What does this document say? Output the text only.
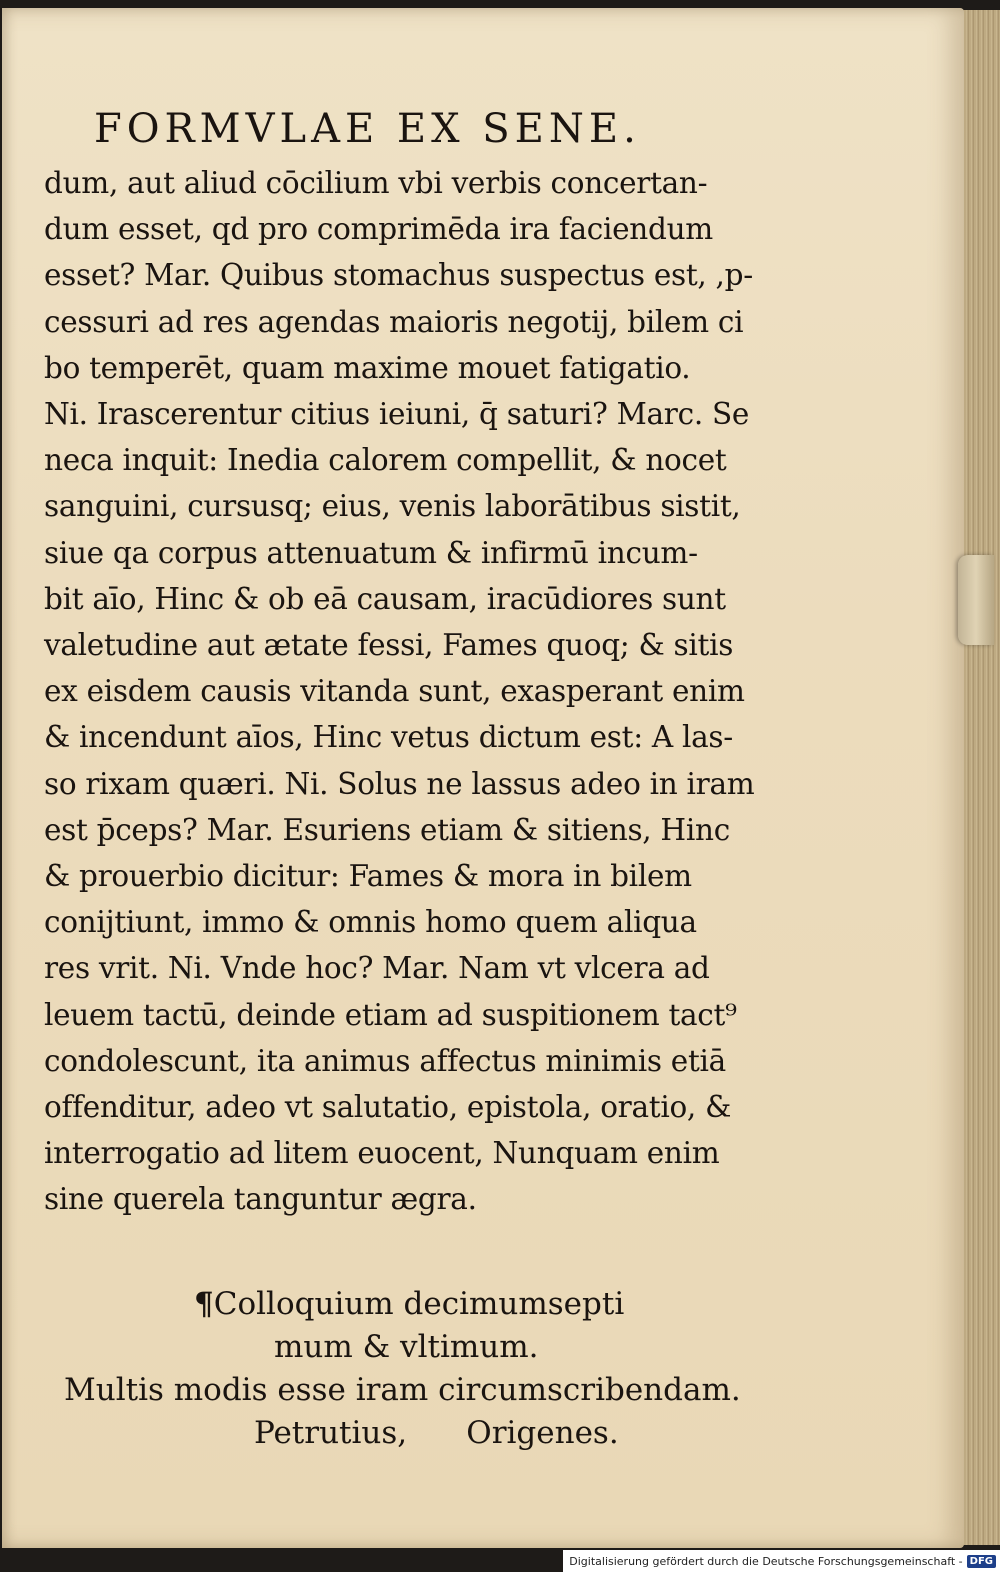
FORMVLAE EX SENE.
dum, aut aliud cōcilium vbi verbis concertan-
dum esset, qd pro comprimēda ira faciendum
esset? Mar. Quibus stomachus suspectus est, ,p-
cessuri ad res agendas maioris negotij, bilem ci
bo temperēt, quam maxime mouet fatigatio.
Ni. Irascerentur citius ieiuni, q̄ saturi? Marc. Se
neca inquit: Inedia calorem compellit, & nocet
sanguini, cursusq; eius, venis laborātibus sistit,
siue qa corpus attenuatum & infirmū incum-
bit aīo, Hinc & ob eā causam, iracūdiores sunt
valetudine aut ætate fessi, Fames quoq; & sitis
ex eisdem causis vitanda sunt, exasperant enim
& incendunt aīos, Hinc vetus dictum est: A las-
so rixam quæri. Ni. Solus ne lassus adeo in iram
est p̄ceps? Mar. Esuriens etiam & sitiens, Hinc
& prouerbio dicitur: Fames & mora in bilem
conijtiunt, immo & omnis homo quem aliqua
res vrit. Ni. Vnde hoc? Mar. Nam vt vlcera ad
leuem tactū, deinde etiam ad suspitionem tact⁹
condolescunt, ita animus affectus minimis etiā
offenditur, adeo vt salutatio, epistola, oratio, &
interrogatio ad litem euocent, Nunquam enim
sine querela tanguntur ægra.
¶Colloquium decimumsepti
mum & vltimum.
Multis modis esse iram circumscribendam.
Petrutius,      Origenes.
Digitalisierung gefördert durch die Deutsche Forschungsgemeinschaft - DFG
